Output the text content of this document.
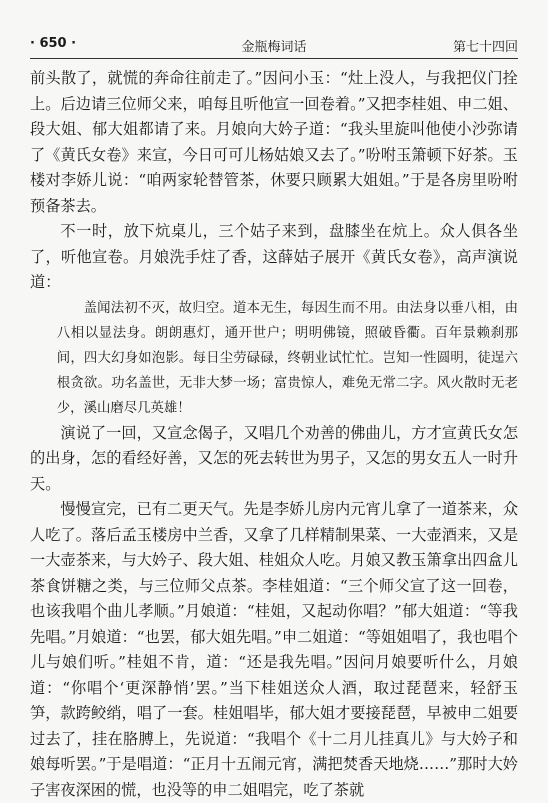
· 650 ·	金瓶梅词话	第七十四回

前头散了，就慌的奔命往前走了。”因问小玉：“灶上没人，与我把仪门拴上。后边请三位师父来，咱每且听他宣一回卷着。”又把李桂姐、申二姐、段大姐、郁大姐都请了来。月娘向大妗子道：“我头里旋叫他使小沙弥请了《黄氏女卷》来宣，今日可可儿杨姑娘又去了。”吩咐玉箫顿下好茶。玉楼对李娇儿说：“咱两家轮替管茶，休要只顾累大姐姐。”于是各房里吩咐预备茶去。

不一时，放下炕桌儿，三个姑子来到，盘膝坐在炕上。众人俱各坐了，听他宣卷。月娘洗手炷了香，这薛姑子展开《黄氏女卷》，高声演说道：

盖闻法初不灭，故归空。道本无生，每因生而不用。由法身以垂八相，由八相以显法身。朗朗惠灯，通开世户；明明佛镜，照破昏衢。百年景赖刹那间，四大幻身如泡影。每日尘劳碌碌，终朝业试忙忙。岂知一性圆明，徒逞六根贪欲。功名盖世，无非大梦一场；富贵惊人，难免无常二字。风火散时无老少，溪山磨尽几英雄！

演说了一回，又宣念偈子，又唱几个劝善的佛曲儿，方才宣黄氏女怎的出身，怎的看经好善，又怎的死去转世为男子，又怎的男女五人一时升天。

慢慢宣完，已有二更天气。先是李娇儿房内元宵儿拿了一道茶来，众人吃了。落后孟玉楼房中兰香，又拿了几样精制果菜、一大壶酒来，又是一大壶茶来，与大妗子、段大姐、桂姐众人吃。月娘又教玉箫拿出四盒儿茶食饼糖之类，与三位师父点茶。李桂姐道：“三个师父宣了这一回卷，也该我唱个曲儿孝顺。”月娘道：“桂姐，又起动你唱？”郁大姐道：“等我先唱。”月娘道：“也罢，郁大姐先唱。”申二姐道：“等姐姐唱了，我也唱个儿与娘们听。”桂姐不肯，道：“还是我先唱。”因问月娘要听什么，月娘道：“你唱个‘更深静悄’罢。”当下桂姐送众人酒，取过琵琶来，轻舒玉笋，款跨鲛绡，唱了一套。桂姐唱毕，郁大姐才要接琵琶，早被申二姐要过去了，挂在胳膊上，先说道：“我唱个《十二月儿挂真儿》与大妗子和娘每听罢。”于是唱道：“正月十五闹元宵，满把焚香天地烧……”那时大妗子害夜深困的慌，也没等的申二姐唱完，吃了茶就
